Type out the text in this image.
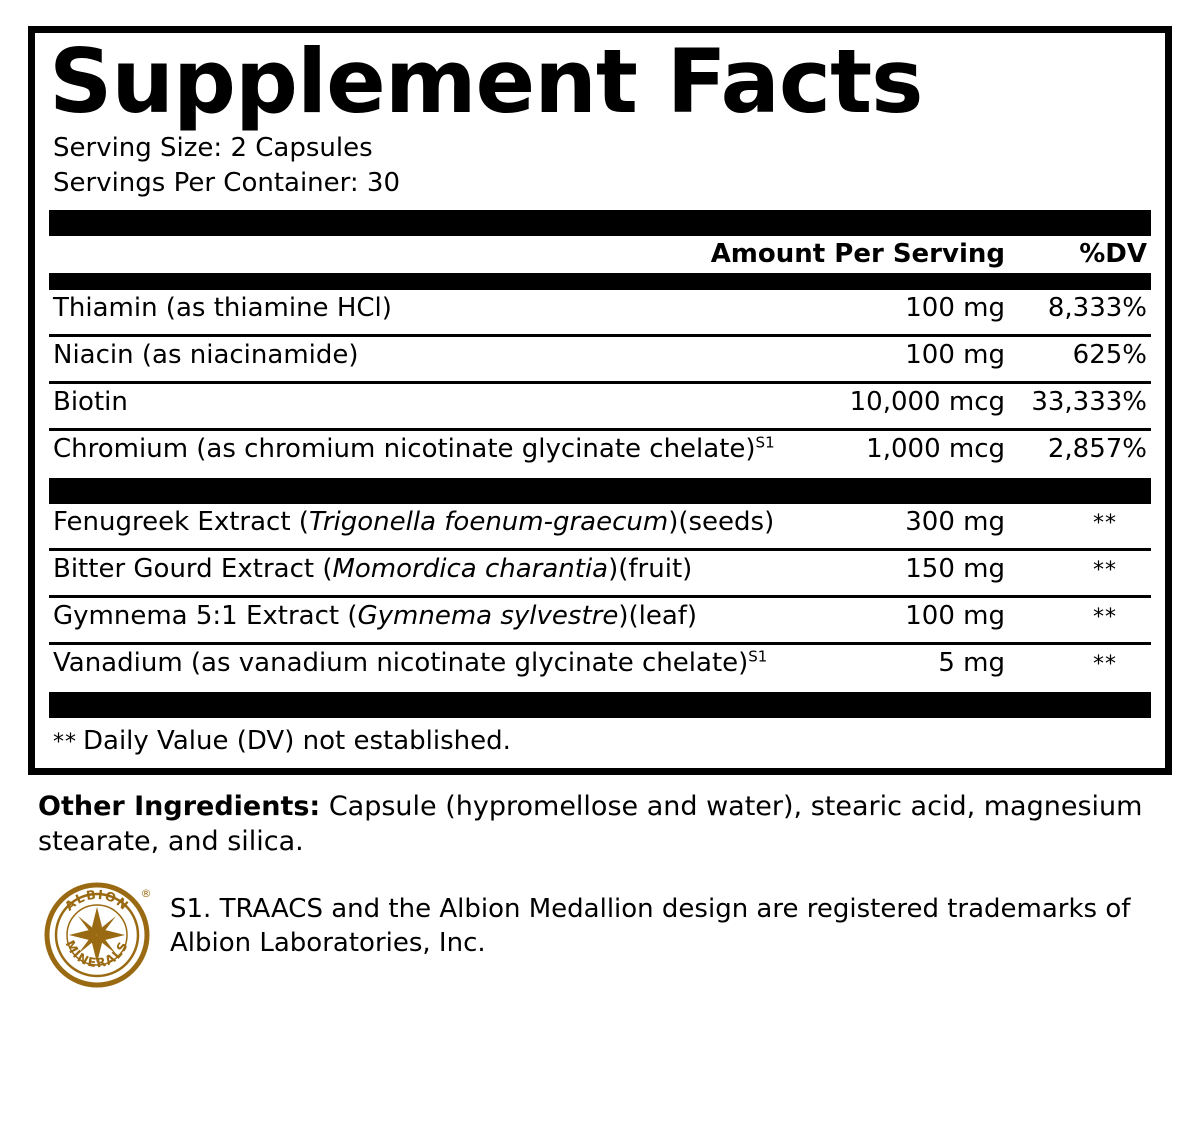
Supplement Facts
Serving Size: 2 Capsules
Servings Per Container: 30
	Amount Per Serving	%DV
Thiamin (as thiamine HCl)	100 mg	8,333%

Niacin (as niacinamide)	100 mg	625%

Biotin	10,000 mcg	33,333%

Chromium (as chromium nicotinate glycinate chelate)$^{S1}$	1,000 mcg	2,857%
Fenugreek Extract (Trigonella foenum-graecum)(seeds)	300 mg	**

Bitter Gourd Extract (Momordica charantia)(fruit)	150 mg	**

Gymnema 5:1 Extract (Gymnema sylvestre)(leaf)	100 mg	**

Vanadium (as vanadium nicotinate glycinate chelate)$^{S1}$	5 mg	**
** Daily Value (DV) not established.
Other Ingredients: Capsule (hypromellose and water), stearic acid, magnesium stearate, and silica.
A
ALBION
MINERALS
®
S1. TRAACS and the Albion Medallion design are registered trademarks of Albion Laboratories, Inc.
